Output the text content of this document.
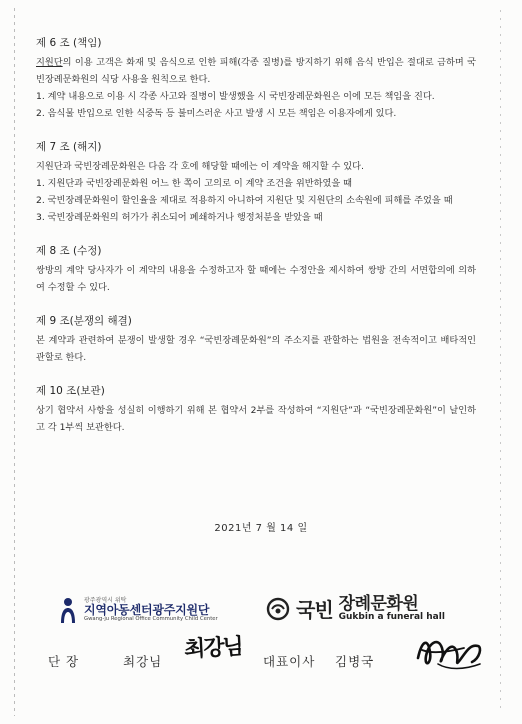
제 6 조 (책임)

지원단의 이용 고객은 화재 및 음식으로 인한 피해(각종 질병)를 방지하기 위해 음식 반입은 절대로 금하며 국빈장례문화원의 식당 사용을 원칙으로 한다.

1. 계약 내용으로 이용 시 각종 사고와 질병이 발생했을 시 국빈장례문화원은 이에 모든 책임을 진다.

2. 음식물 반입으로 인한 식중독 등 불미스러운 사고 발생 시 모든 책임은 이용자에게 있다.

제 7 조 (해지)

지원단과 국빈장례문화원은 다음 각 호에 해당할 때에는 이 계약을 해지할 수 있다.

1. 지원단과 국빈장례문화원 어느 한 쪽이 고의로 이 계약 조건을 위반하였을 때

2. 국빈장례문화원이 할인율을 제대로 적용하지 아니하여 지원단 및 지원단의 소속원에 피해를 주었을 때

3. 국빈장례문화원의 허가가 취소되어 폐쇄하거나 행정처분을 받았을 때

제 8 조 (수정)

쌍방의 계약 당사자가 이 계약의 내용을 수정하고자 할 때에는 수정안을 제시하여 쌍방 간의 서면합의에 의하여 수정할 수 있다.

제 9 조(분쟁의 해결)

본 계약과 관련하여 분쟁이 발생할 경우 “국빈장례문화원”의 주소지를 관할하는 법원을 전속적이고 배타적인 관할로 한다.

제 10 조(보관)

상기 협약서 사항을 성실히 이행하기 위해 본 협약서 2부를 작성하여 “지원단”과 “국빈장례문화원”이 날인하고 각 1부씩 보관한다.

2021년 7 월 14 일
광주광역시 위탁
지역아동센터광주지원단
Gwang-ju Regional Office Community Child Center	국빈 장례문화원
Gukbin a funeral hall
단 장	최강님	대표이사 김병국
최강님
